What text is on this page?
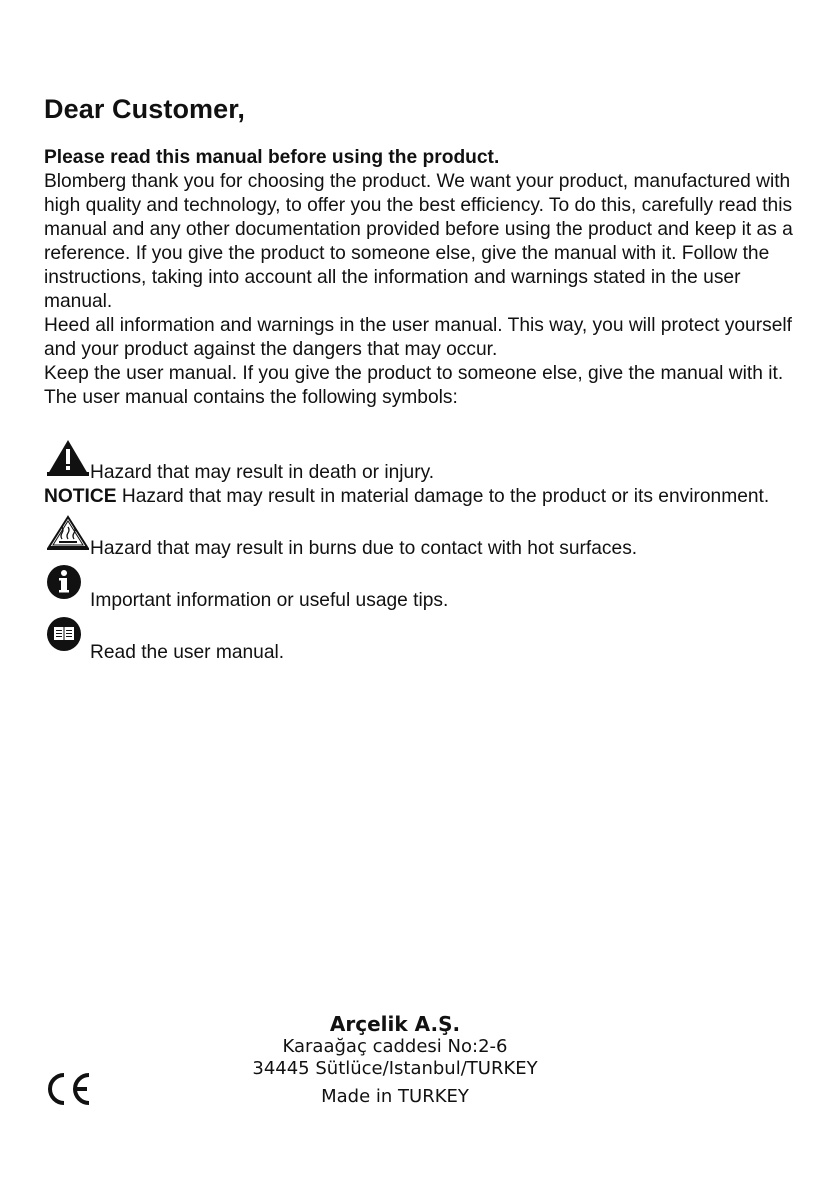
Dear Customer,

Please read this manual before using the product.

Blomberg thank you for choosing the product. We want your product, manufactured with high quality and technology, to offer you the best efficiency. To do this, carefully read this manual and any other documentation provided before using the product and keep it as a reference. If you give the product to someone else, give the manual with it. Follow the instructions, taking into account all the information and warnings stated in the user manual.

Heed all information and warnings in the user manual. This way, you will protect yourself and your product against the dangers that may occur.

Keep the user manual. If you give the product to someone else, give the manual with it.

The user manual contains the following symbols:

Hazard that may result in death or injury.
NOTICE Hazard that may result in material damage to the product or its environment.
Hazard that may result in burns due to contact with hot surfaces.
Important information or useful usage tips.
Read the user manual.
Arçelik A.Ş.
Karaağaç caddesi No:2-6
34445 Sütlüce/Istanbul/TURKEY
Made in TURKEY
